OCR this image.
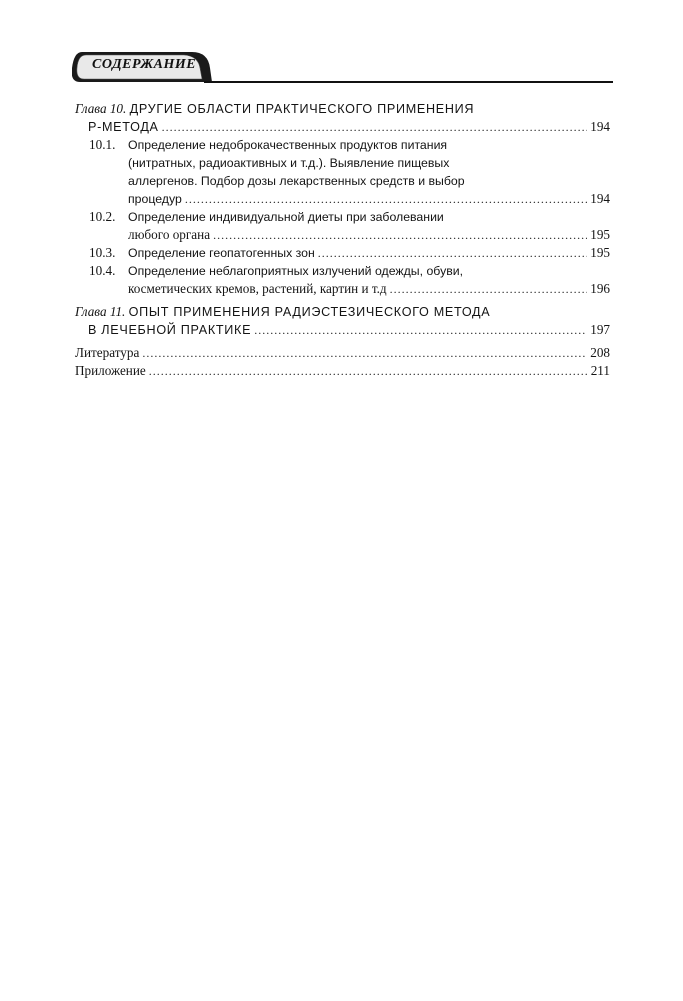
СОДЕРЖАНИЕ
Глава 10. ДРУГИЕ ОБЛАСТИ ПРАКТИЧЕСКОГО ПРИМЕНЕНИЯ
Р-МЕТОДА .....	194
10.1. Определение недоброкачественных продуктов питания
(нитратных, радиоактивных и т.д.). Выявление пищевых
аллергенов. Подбор дозы лекарственных средств и выбор
процедур .....	194
10.2. Определение индивидуальной диеты при заболевании
любого органа .....	195
10.3. Определение геопатогенных зон .....	195
10.4. Определение неблагоприятных излучений одежды, обуви,
косметических кремов, растений, картин и т.д .....	196
Глава 11. ОПЫТ ПРИМЕНЕНИЯ РАДИЭСТЕЗИЧЕСКОГО МЕТОДА
В ЛЕЧЕБНОЙ ПРАКТИКЕ .....	197
Литература .....	208
Приложение .....	211
